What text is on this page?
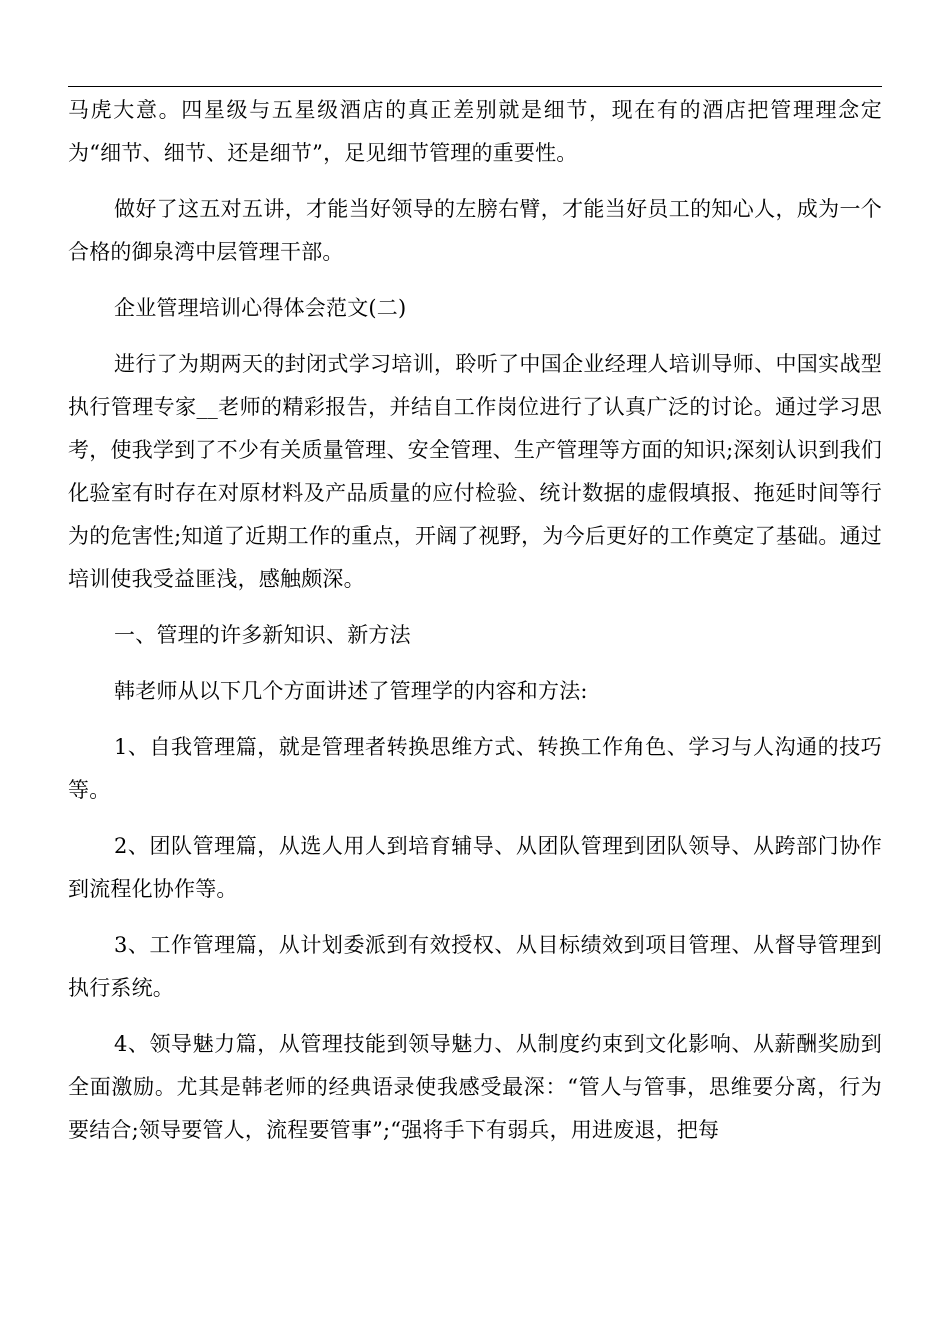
马虎大意。四星级与五星级酒店的真正差别就是细节，现在有的酒店把管理理念定为“细节、细节、还是细节”，足见细节管理的重要性。

做好了这五对五讲，才能当好领导的左膀右臂，才能当好员工的知心人，成为一个合格的御泉湾中层管理干部。

企业管理培训心得体会范文(二)

进行了为期两天的封闭式学习培训，聆听了中国企业经理人培训导师、中国实战型执行管理专家__老师的精彩报告，并结自工作岗位进行了认真广泛的讨论。通过学习思考，使我学到了不少有关质量管理、安全管理、生产管理等方面的知识;深刻认识到我们化验室有时存在对原材料及产品质量的应付检验、统计数据的虚假填报、拖延时间等行为的危害性;知道了近期工作的重点，开阔了视野，为今后更好的工作奠定了基础。通过培训使我受益匪浅，感触颇深。

一、管理的许多新知识、新方法

韩老师从以下几个方面讲述了管理学的内容和方法:

1、自我管理篇，就是管理者转换思维方式、转换工作角色、学习与人沟通的技巧等。

2、团队管理篇，从选人用人到培育辅导、从团队管理到团队领导、从跨部门协作到流程化协作等。

3、工作管理篇，从计划委派到有效授权、从目标绩效到项目管理、从督导管理到执行系统。

4、领导魅力篇，从管理技能到领导魅力、从制度约束到文化影响、从薪酬奖励到全面激励。尤其是韩老师的经典语录使我感受最深：“管人与管事，思维要分离，行为要结合;领导要管人，流程要管事”;“强将手下有弱兵，用进废退，把每
